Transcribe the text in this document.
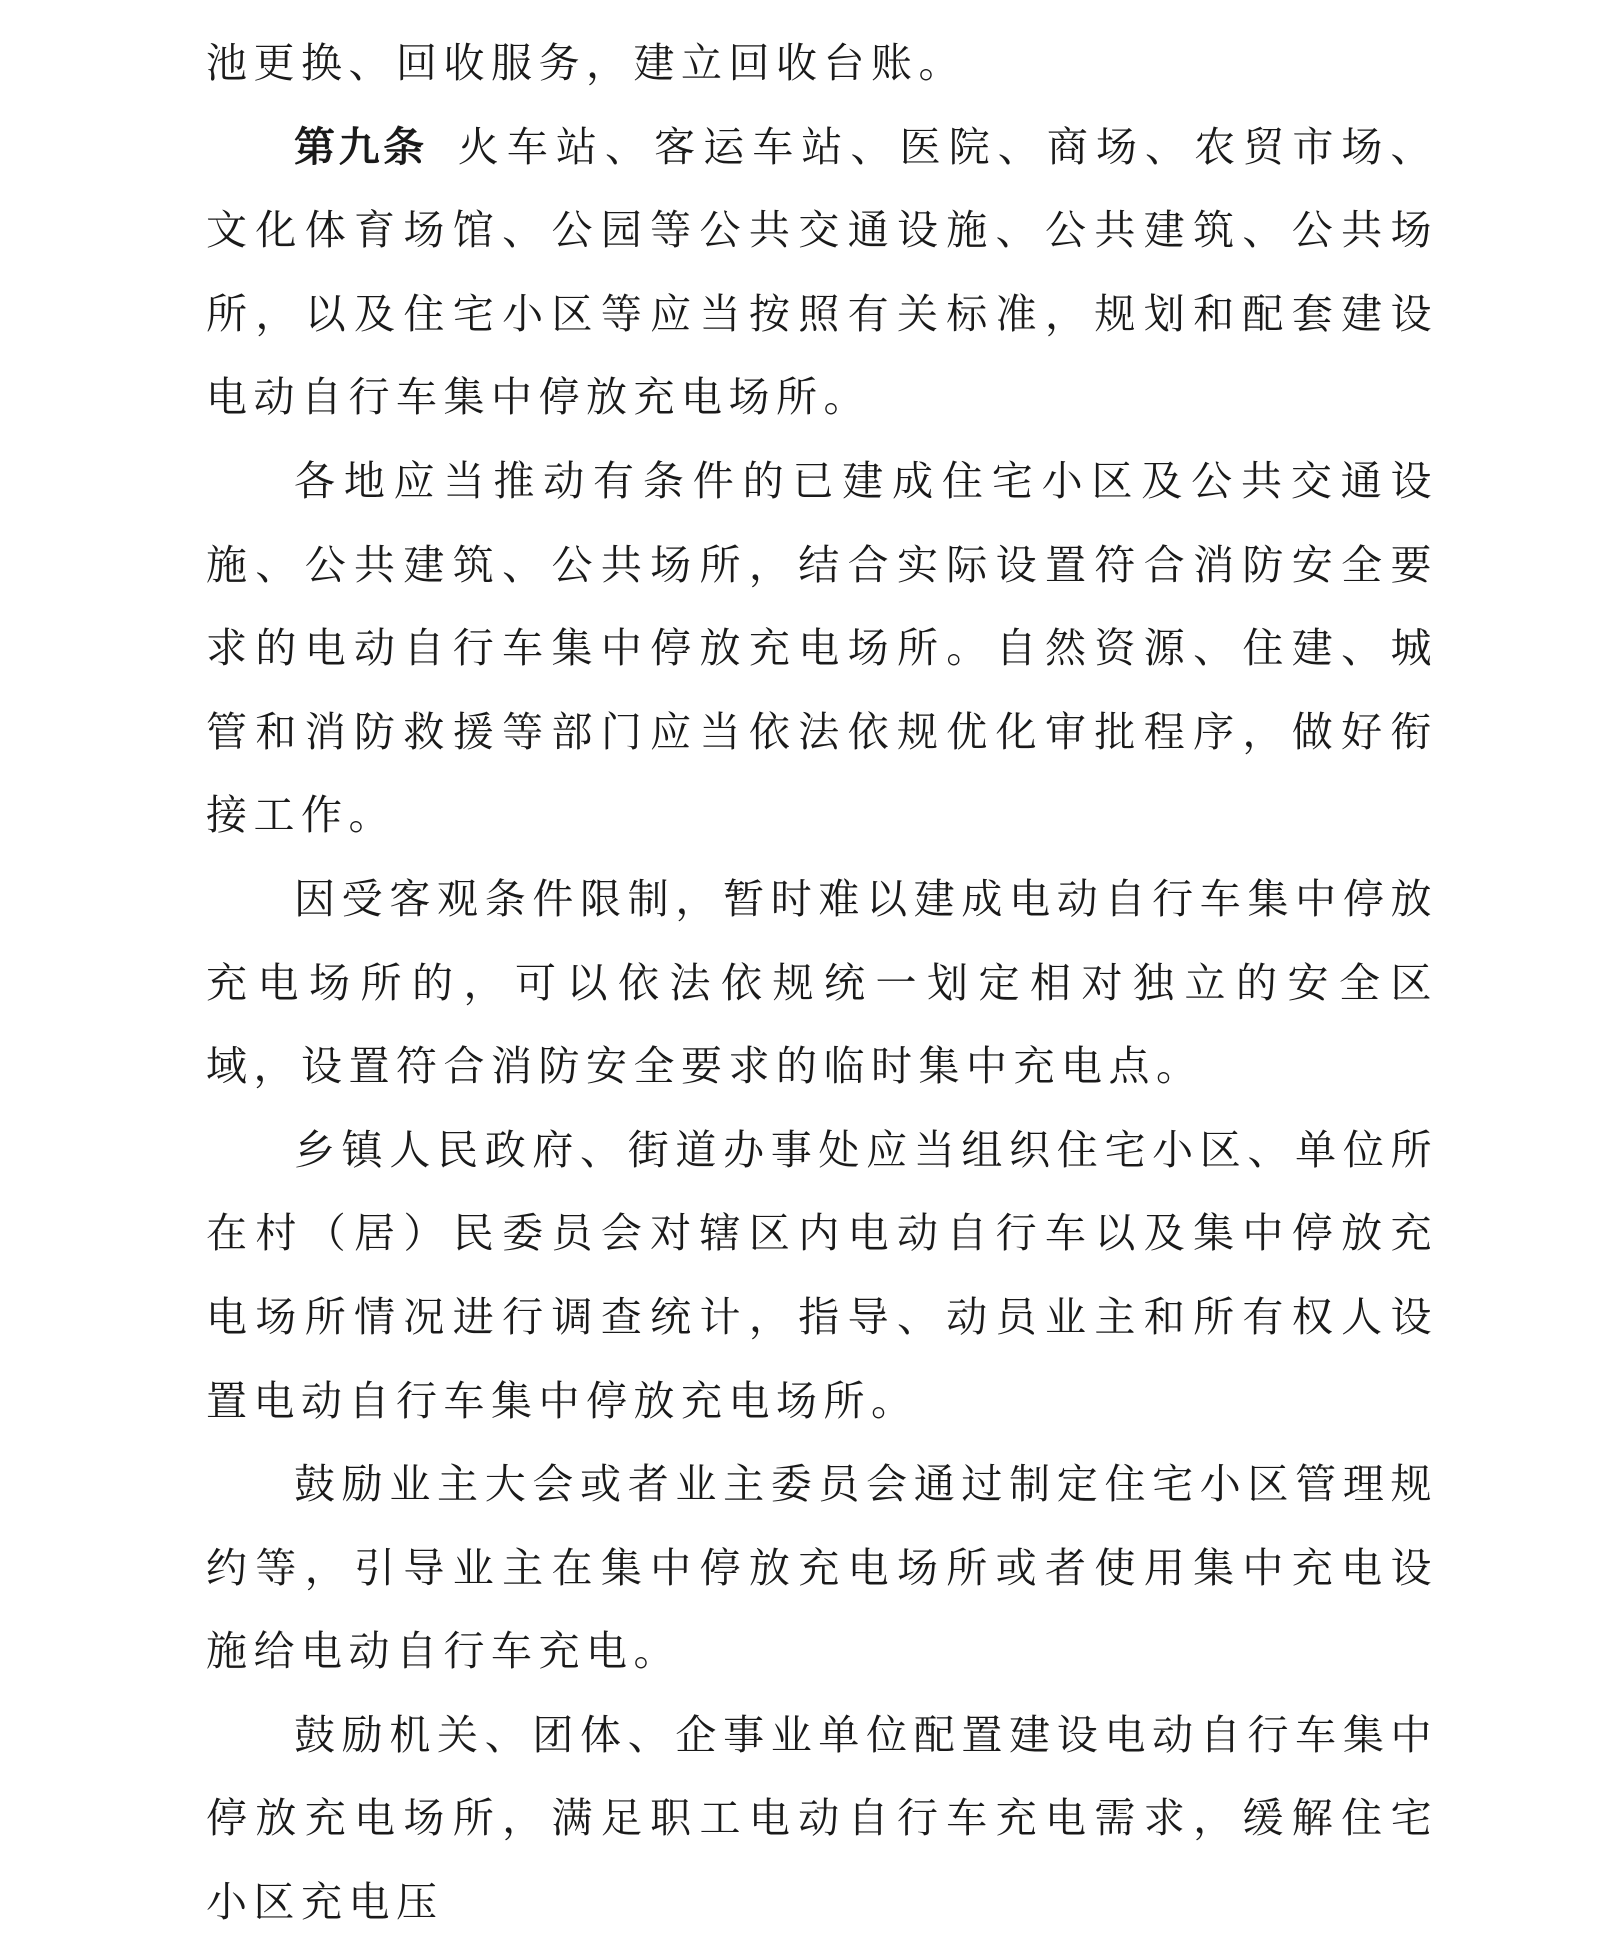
池更换、回收服务，建立回收台账。

第九条 火车站、客运车站、医院、商场、农贸市场、文化体育场馆、公园等公共交通设施、公共建筑、公共场所，以及住宅小区等应当按照有关标准，规划和配套建设电动自行车集中停放充电场所。

各地应当推动有条件的已建成住宅小区及公共交通设施、公共建筑、公共场所，结合实际设置符合消防安全要求的电动自行车集中停放充电场所。自然资源、住建、城管和消防救援等部门应当依法依规优化审批程序，做好衔接工作。

因受客观条件限制，暂时难以建成电动自行车集中停放充电场所的，可以依法依规统一划定相对独立的安全区域，设置符合消防安全要求的临时集中充电点。

乡镇人民政府、街道办事处应当组织住宅小区、单位所在村（居）民委员会对辖区内电动自行车以及集中停放充电场所情况进行调查统计，指导、动员业主和所有权人设置电动自行车集中停放充电场所。

鼓励业主大会或者业主委员会通过制定住宅小区管理规约等，引导业主在集中停放充电场所或者使用集中充电设施给电动自行车充电。

鼓励机关、团体、企事业单位配置建设电动自行车集中停放充电场所，满足职工电动自行车充电需求，缓解住宅小区充电压
